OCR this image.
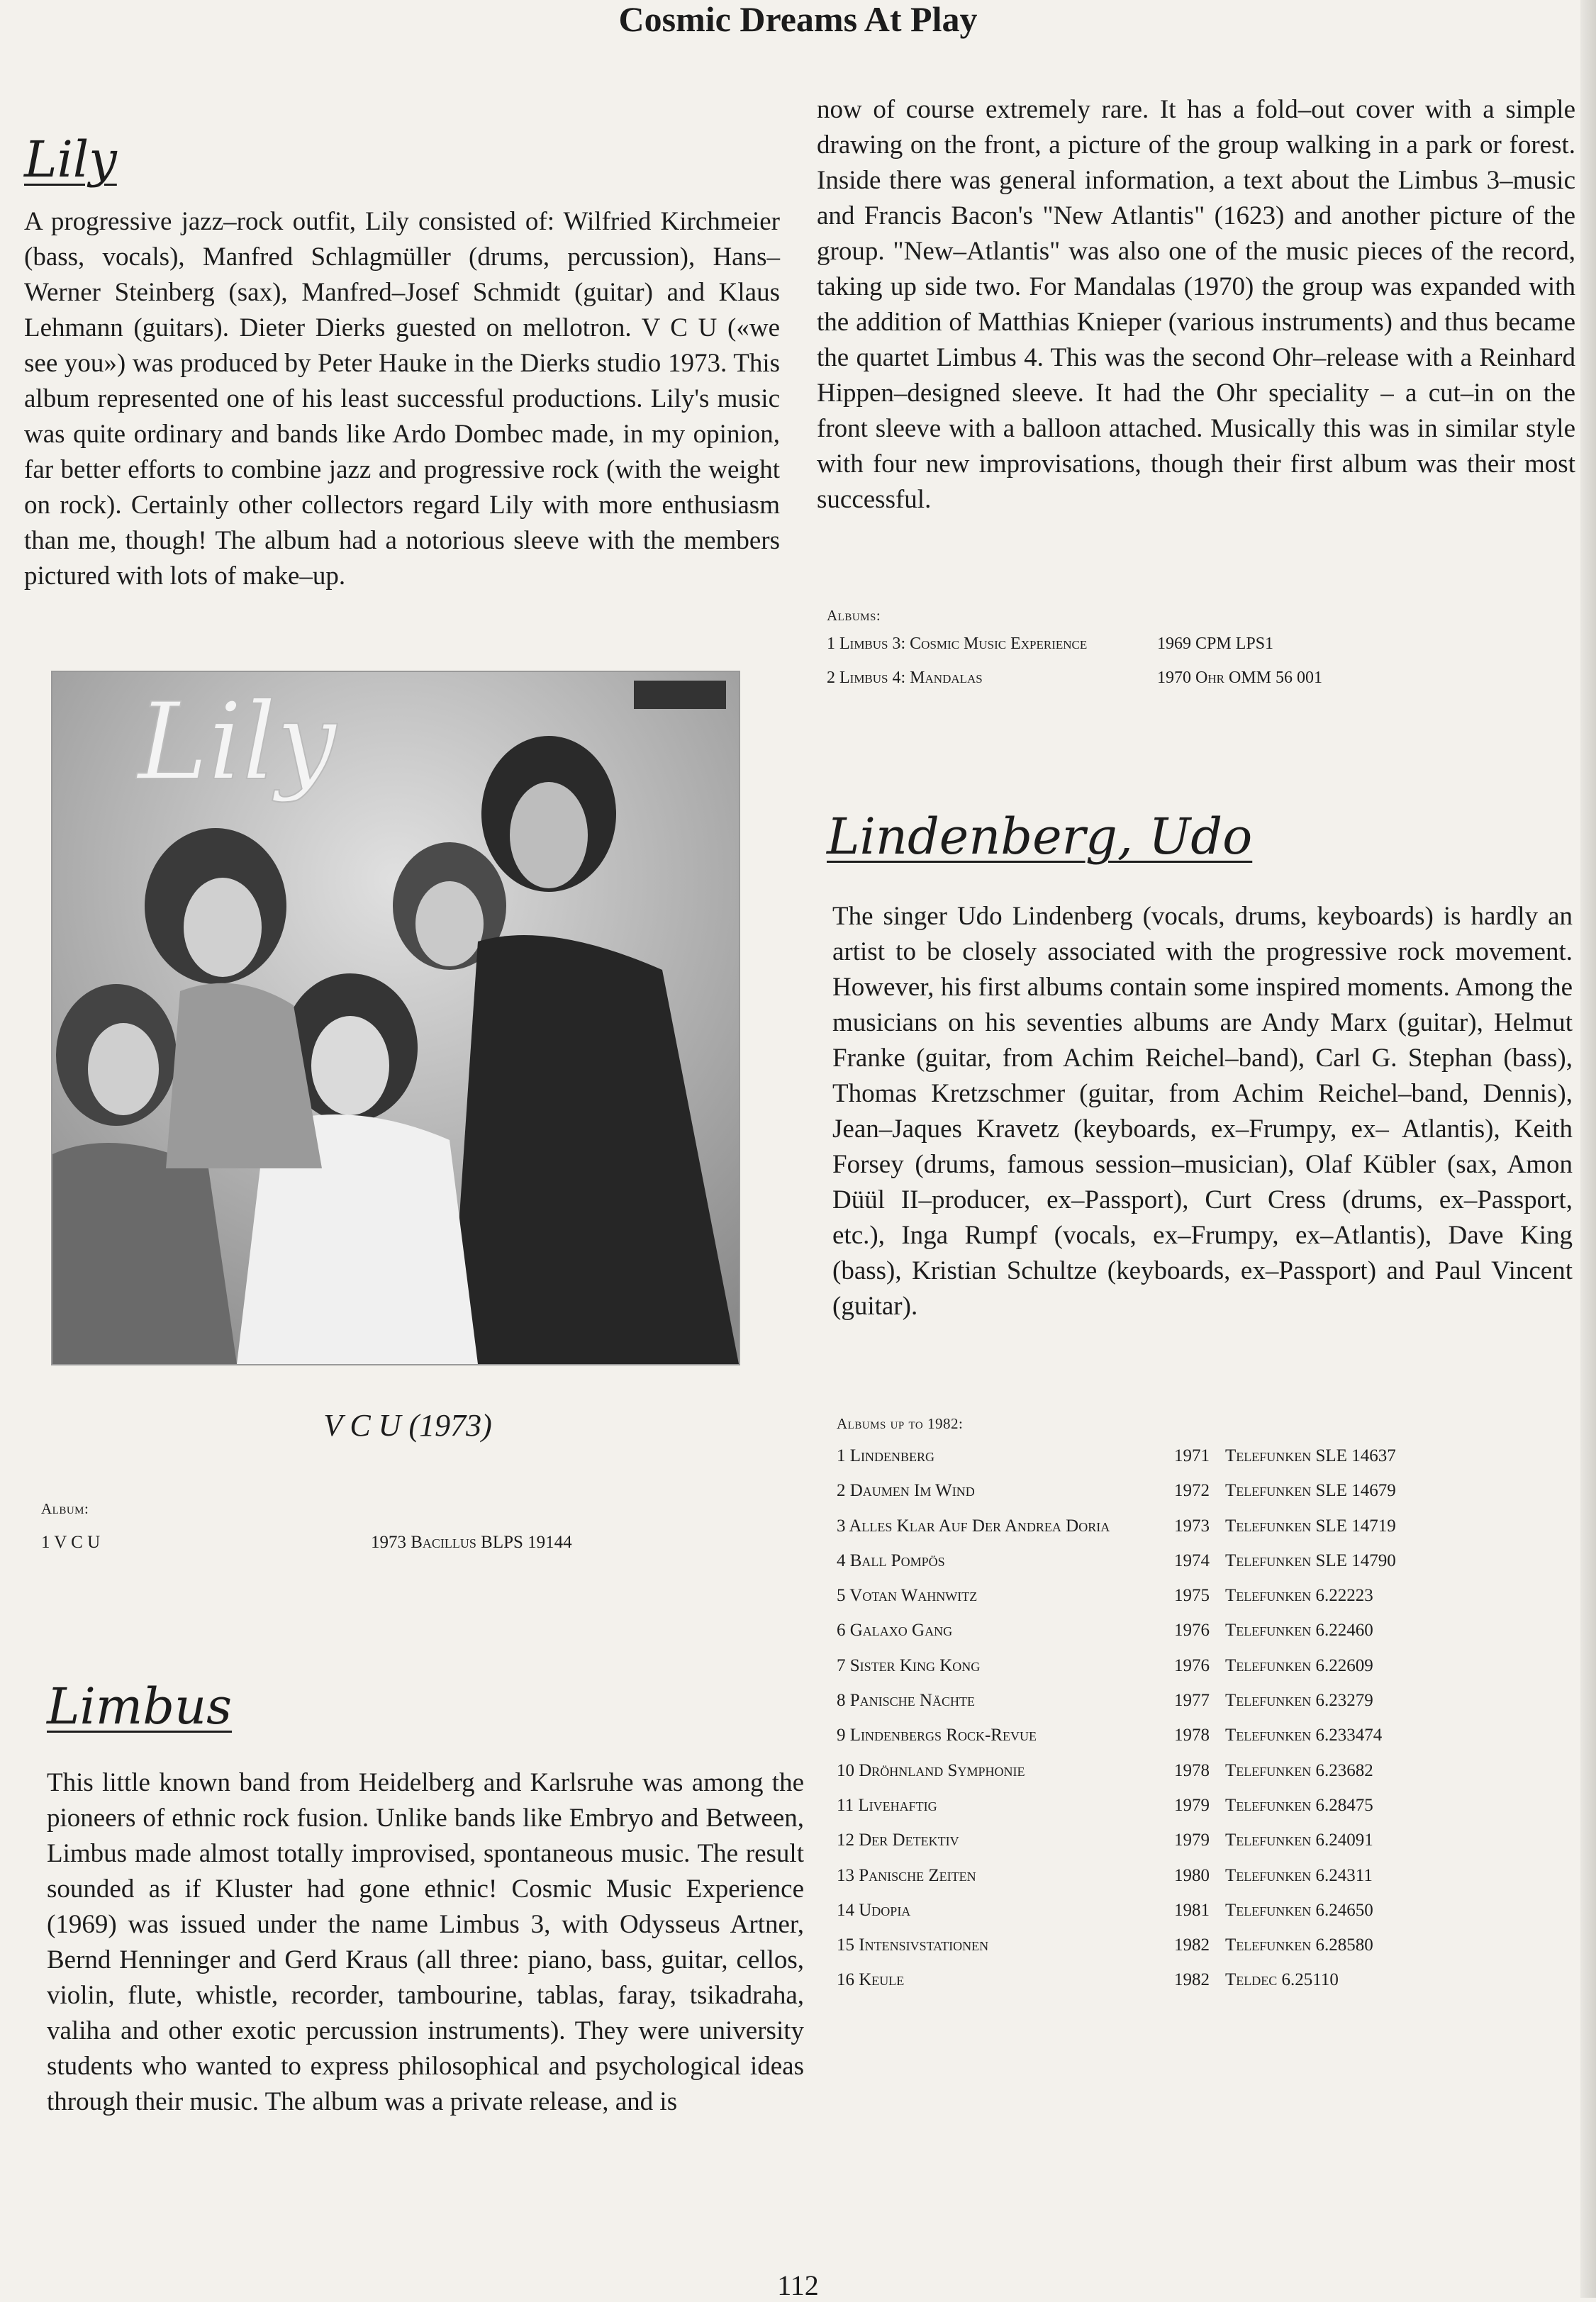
Cosmic Dreams At Play
Lily

A progressive jazz–rock outfit, Lily consisted of: Wilfried Kirchmeier (bass, vocals), Manfred Schlagmüller (drums, percussion), Hans–Werner Steinberg (sax), Manfred–Josef Schmidt (guitar) and Klaus Lehmann (guitars). Dieter Dierks guested on mellotron. V C U («we see you») was produced by Peter Hauke in the Dierks studio 1973. This album represented one of his least successful productions. Lily's music was quite ordinary and bands like Ardo Dombec made, in my opinion, far better efforts to combine jazz and progressive rock (with the weight on rock). Certainly other collectors regard Lily with more enthusiasm than me, though! The album had a notorious sleeve with the members pictured with lots of make–up.

Lily
V C U (1973)
Album:
1 V C U	1973 Bacillus BLPS 19144
Limbus

This little known band from Heidelberg and Karlsruhe was among the pioneers of ethnic rock fusion. Unlike bands like Embryo and Between, Limbus made almost totally improvised, spontaneous music. The result sounded as if Kluster had gone ethnic! Cosmic Music Experience (1969) was issued under the name Limbus 3, with Odysseus Artner, Bernd Henninger and Gerd Kraus (all three: piano, bass, guitar, cellos, violin, flute, whistle, recorder, tambourine, tablas, faray, tsikadraha, valiha and other exotic percussion instruments). They were university students who wanted to express philosophical and psychological ideas through their music. The album was a private release, and is

now of course extremely rare. It has a fold–out cover with a simple drawing on the front, a picture of the group walking in a park or forest. Inside there was general information, a text about the Limbus 3–music and Francis Bacon's "New Atlantis" (1623) and another picture of the group. "New–Atlantis" was also one of the music pieces of the record, taking up side two. For Mandalas (1970) the group was expanded with the addition of Matthias Knieper (various instruments) and thus became the quartet Limbus 4. This was the second Ohr–release with a Reinhard Hippen–designed sleeve. It had the Ohr speciality – a cut–in on the front sleeve with a balloon attached. Musically this was in similar style with four new improvisations, though their first album was their most successful.

Albums:
1 Limbus 3: Cosmic Music Experience	1969 CPM LPS1
2 Limbus 4: Mandalas	1970 Ohr OMM 56 001
Lindenberg, Udo

The singer Udo Lindenberg (vocals, drums, keyboards) is hardly an artist to be closely associated with the progressive rock movement. However, his first albums contain some inspired moments. Among the musicians on his seventies albums are Andy Marx (guitar), Helmut Franke (guitar, from Achim Reichel–band), Carl G. Stephan (bass), Thomas Kretzschmer (guitar, from Achim Reichel–band, Dennis), Jean–Jaques Kravetz (keyboards, ex–Frumpy, ex– Atlantis), Keith Forsey (drums, famous session–musician), Olaf Kübler (sax, Amon Düül II–producer, ex–Passport), Curt Cress (drums, ex–Passport, etc.), Inga Rumpf (vocals, ex–Frumpy, ex–Atlantis), Dave King (bass), Kristian Schultze (keyboards, ex–Passport) and Paul Vincent (guitar).

Albums up to 1982:
1 Lindenberg	1971 Telefunken SLE 14637
2 Daumen Im Wind	1972 Telefunken SLE 14679
3 Alles Klar Auf Der Andrea Doria	1973 Telefunken SLE 14719
4 Ball Pompös	1974 Telefunken SLE 14790
5 Votan Wahnwitz	1975 Telefunken 6.22223
6 Galaxo Gang	1976 Telefunken 6.22460
7 Sister King Kong	1976 Telefunken 6.22609
8 Panische Nächte	1977 Telefunken 6.23279
9 Lindenbergs Rock-Revue	1978 Telefunken 6.233474
10 Dröhnland Symphonie	1978 Telefunken 6.23682
11 Livehaftig	1979 Telefunken 6.28475
12 Der Detektiv	1979 Telefunken 6.24091
13 Panische Zeiten	1980 Telefunken 6.24311
14 Udopia	1981 Telefunken 6.24650
15 Intensivstationen	1982 Telefunken 6.28580
16 Keule	1982 Teldec 6.25110
112
